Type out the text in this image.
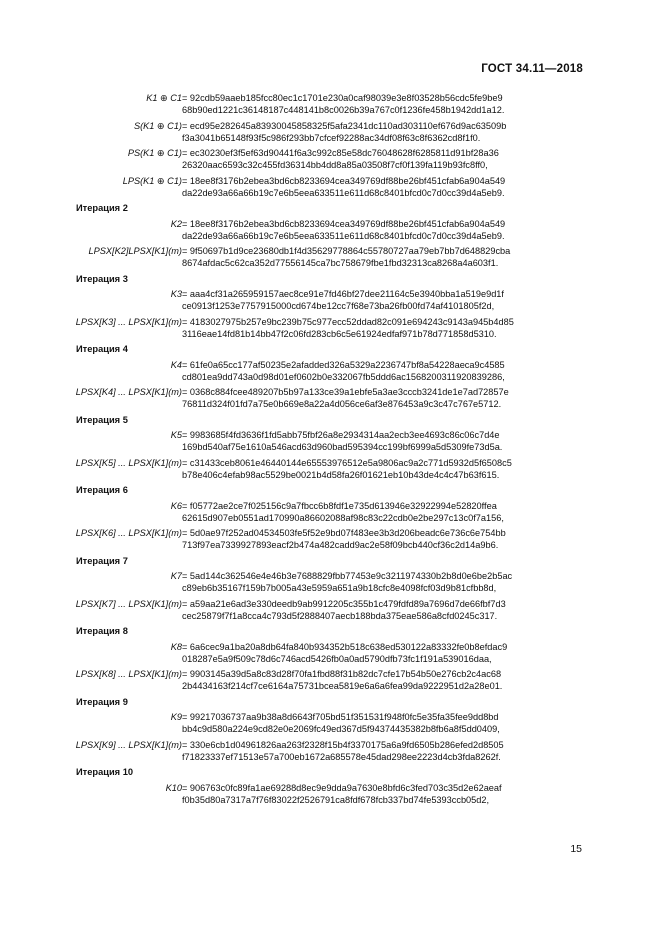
ГОСТ 34.11—2018
K1 ⊕ C1 = 92cdb59aaeb185fcc80ec1c1701e230a0caf98039e3e8f03528b56cdc5fe9be9
68b90ed1221c36148187c448141b8c0026b39a767c0f1236fe458b1942dd1a12.
S(K1 ⊕ C1) = ecd95e282645a83930045858325f5afa2341dc110ad303110ef676d9ac63509b
f3a3041b65148f93f5c986f293bb7cfcef92288ac34df08f63c8f6362cd8f1f0.
PS(K1 ⊕ C1) = ec30230ef3f5ef63d90441f6a3c992c85e58dc76048628f6285811d91bf28a36
26320aac6593c32c455fd36314bb4dd8a85a03508f7cf0f139fa119b93fc8ff0,
LPS(K1 ⊕ C1) = 18ee8f3176b2ebea3bd6cb8233694cea349769df88be26bf451cfab6a904a549
da22de93a66a66b19c7e6b5eea633511e611d68c8401bfcd0c7d0cc39d4a5eb9.
Итерация 2
K2 = 18ee8f3176b2ebea3bd6cb8233694cea349769df88be26bf451cfab6a904a549
da22de93a66a66b19c7e6b5eea633511e611d68c8401bfcd0c7d0cc39d4a5eb9.
LPSX[K2]LPSX[K1](m) = 9f50697b1d9ce23680db1f4d35629778864c55780727aa79eb7bb7d648829cba
8674afdac5c62ca352d77556145ca7bc758679fbe1fbd32313ca8268a4a603f1.
Итерация 3
K3 = aaa4cf31a265959157aec8ce91e7fd46bf27dee21164c5e3940bba1a519e9d1f
ce0913f1253e7757915000cd674be12cc7f68e73ba26fb00fd74af4101805f2d,
LPSX[K3] ... LPSX[K1](m) = 4183027975b257e9bc239b75c977ecc52ddad82c091e694243c9143a945b4d85
3116eae14fd81b14bb47f2c06fd283cb6c5e61924edfaf971b78d771858d5310.
Итерация 4
K4 = 61fe0a65cc177af50235e2afadded326a5329a2236747bf8a54228aeca9c4585
cd801ea9dd743a0d98d01ef0602b0e332067fb5ddd6ac1568200311920839286,
LPSX[K4] ... LPSX[K1](m) = 0368c884fcee489207b5b97a133ce39a1ebfe5a3ae3cccb3241de1e7ad72857e
76811d324f01fd7a75e0b669e8a22a4d056ce6af3e876453a9c3c47c767e5712.
Итерация 5
K5 = 9983685f4fd3636f1fd5abb75fbf26a8e2934314aa2ecb3ee4693c86c06c7d4e
169bd540af75e1610a546acd63d960bad595394cc199bf6999a5d5309fe73d5a.
LPSX[K5] ... LPSX[K1](m) = c31433ceb8061e46440144e65553976512e5a9806ac9a2c771d5932d5f6508c5
b78e406c4efab98ac5529be0021b4d58fa26f01621eb10b43de4c4c47b63f615.
Итерация 6
K6 = f05772ae2ce7f025156c9a7fbcc6b8fdf1e735d613946e32922994e52820ffea
62615d907eb0551ad170990a86602088af98c83c22cdb0e2be297c13c0f7a156,
LPSX[K6] ... LPSX[K1](m) = 5d0ae97f252ad04534503fe5f52e9bd07f483ee3b3d206beadc6e736c6e754bb
713f97ea7339927893eacf2b474a482cadd9ac2e58f09bcb440cf36c2d14a9b6.
Итерация 7
K7 = 5ad144c362546e4e46b3e7688829fbb77453e9c3211974330b2b8d0e6be2b5ac
c89eb6b35167f159b7b005a43e5959a651a9b18cfc8e4098fcf03d9b81cfbb8d,
LPSX[K7] ... LPSX[K1](m) = a59aa21e6ad3e330deedb9ab9912205c355b1c479fdfd89a7696d7de66fbf7d3
cec25879f7f1a8cca4c793d5f2888407aecb188bda375eae586a8cfd0245c317.
Итерация 8
K8 = 6a6cec9a1ba20a8db64fa840b934352b518c638ed530122a83332fe0b8efdac9
018287e5a9f509c78d6c746acd5426fb0a0ad5790dfb73fc1f191a539016daa,
LPSX[K8] ... LPSX[K1](m) = 9903145a39d5a8c83d28f70fa1fbd88f31b82dc7cfe17b54b50e276cb2c4ac68
2b4434163f214cf7ce6164a75731bcea5819e6a6a6fea99da9222951d2a28e01.
Итерация 9
K9 = 99217036737aa9b38a8d6643f705bd51f351531f948f0fc5e35fa35fee9dd8bd
bb4c9d580a224e9cd82e0e2069fc49ed367d5f94374435382b8fb6a8f5dd0409,
LPSX[K9] ... LPSX[K1](m) = 330e6cb1d04961826aa263f2328f15b4f3370175a6a9fd6505b286efed2d8505
f71823337ef71513e57a700eb1672a685578e45dad298ee2223d4cb3fda8262f.
Итерация 10
K10 = 906763c0fc89fa1ae69288d8ec9e9dda9a7630e8bfd6c3fed703c35d2e62aeaf
f0b35d80a7317a7f76f83022f2526791ca8fdf678fcb337bd74fe5393ccb05d2,
15
